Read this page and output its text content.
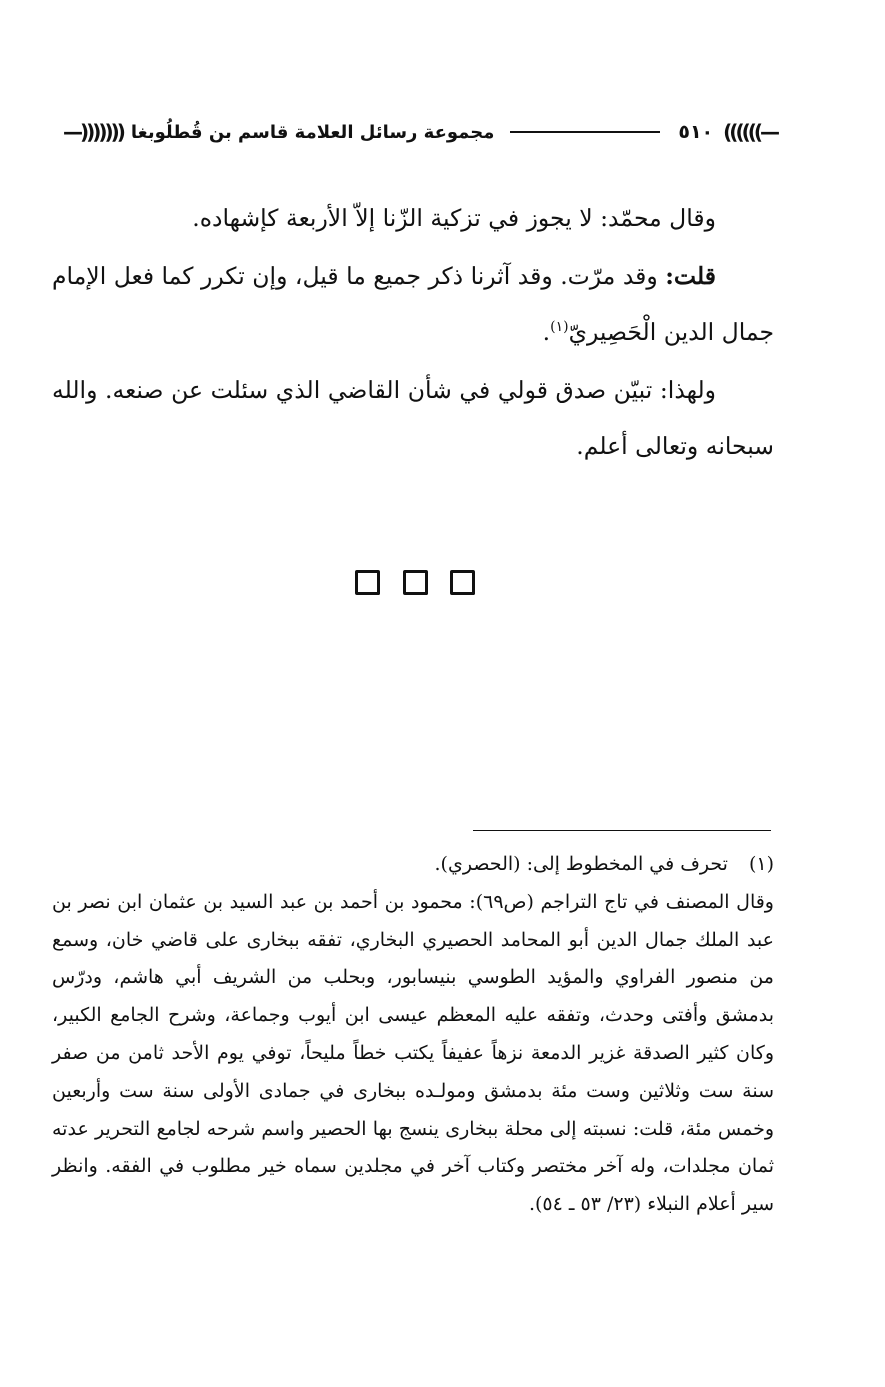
—))))))
٥١٠
مجموعة رسائل العلامة قاسم بن قُطلُوبغا
(((((((—

وقال محمّد: لا يجوز في تزكية الزّنا إلاّ الأربعة كإشهاده.

قلت: وقد مرّت. وقد آثرنا ذكر جميع ما قيل، وإن تكرر كما فعل الإمام جمال الدين الْحَصِيريّ$^{(١)}$.

ولهذا: تبيّن صدق قولي في شأن القاضي الذي سئلت عن صنعه. والله سبحانه وتعالى أعلم.

(١) تحرف في المخطوط إلى: (الحصري).

وقال المصنف في تاج التراجم (ص٦٩): محمود بن أحمد بن عبد السيد بن عثمان ابن نصر بن عبد الملك جمال الدين أبو المحامد الحصيري البخاري، تفقه ببخارى على قاضي خان، وسمع من منصور الفراوي والمؤيد الطوسي بنيسابور، وبحلب من الشريف أبي هاشم، ودرّس بدمشق وأفتى وحدث، وتفقه عليه المعظم عيسى ابن أيوب وجماعة، وشرح الجامع الكبير، وكان كثير الصدقة غزير الدمعة نزهاً عفيفاً يكتب خطاً مليحاً، توفي يوم الأحد ثامن من صفر سنة ست وثلاثين وست مئة بدمشق ومولـده ببخارى في جمادى الأولى سنة ست وأربعين وخمس مئة، قلت: نسبته إلى محلة ببخارى ينسج بها الحصير واسم شرحه لجامع التحرير عدته ثمان مجلدات، وله آخر مختصر وكتاب آخر في مجلدين سماه خير مطلوب في الفقه. وانظر سير أعلام النبلاء (٢٣/ ٥٣ ـ ٥٤).
